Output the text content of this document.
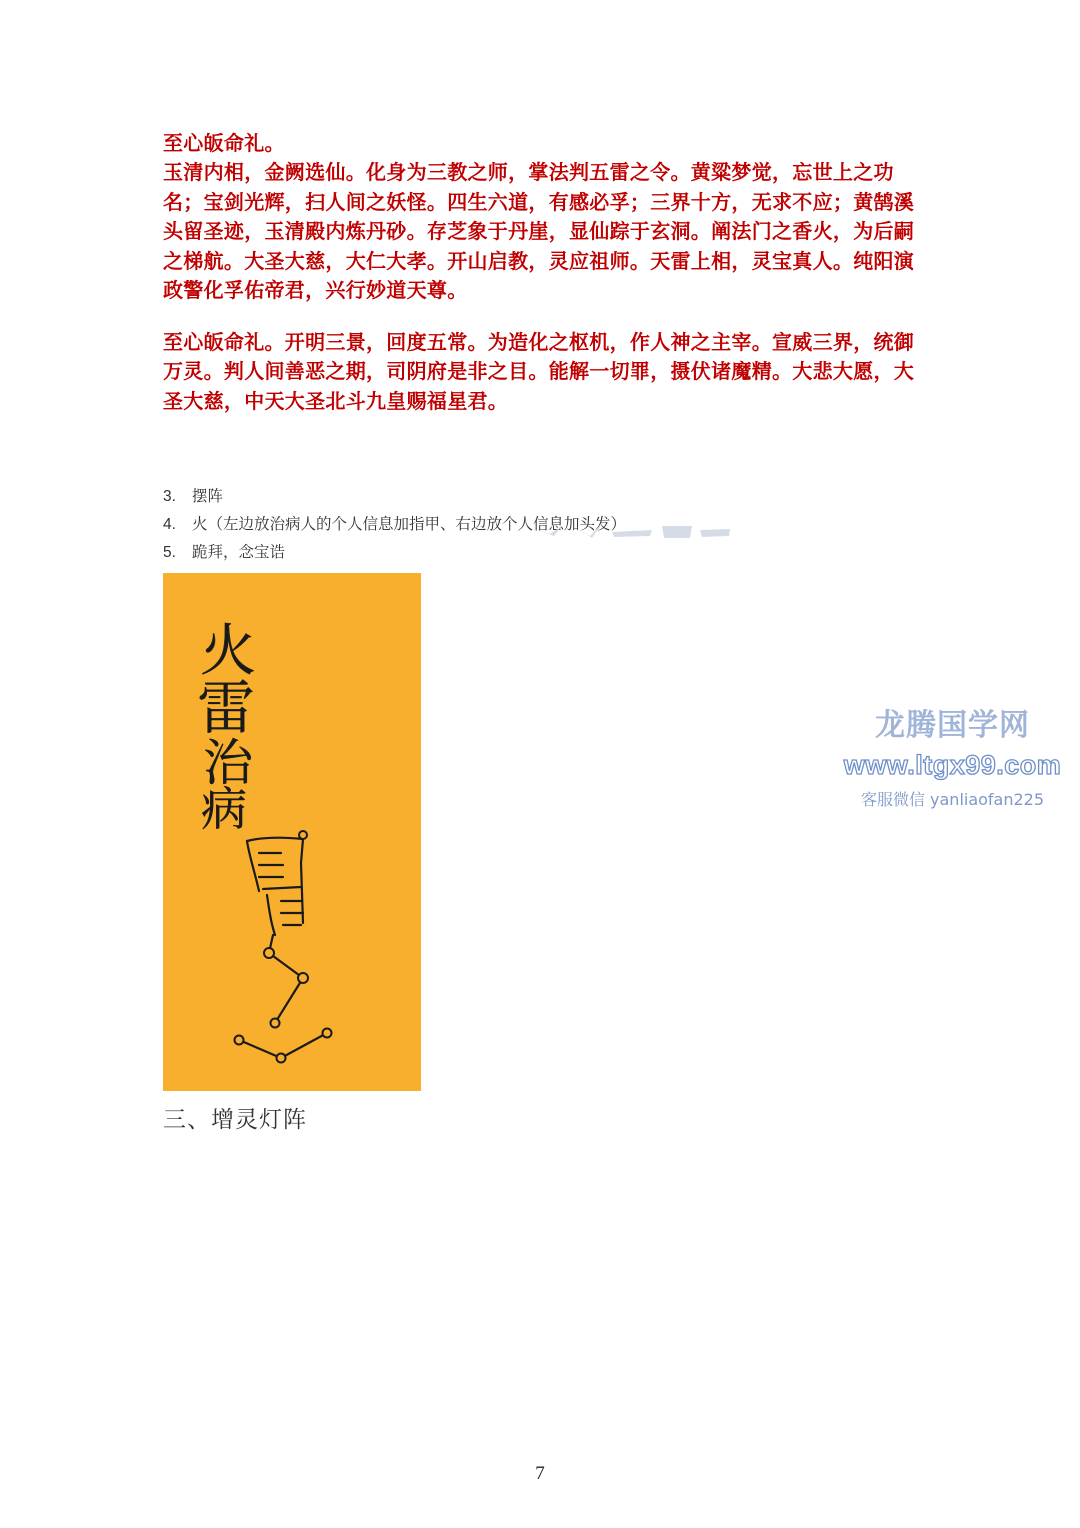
至心皈命礼。

玉清内相，金阙选仙。化身为三教之师，掌法判五雷之令。黄粱梦觉，忘世上之功名；宝剑光辉，扫人间之妖怪。四生六道，有感必孚；三界十方，无求不应；黄鹄溪头留圣迹，玉清殿内炼丹砂。存芝象于丹崖，显仙踪于玄洞。阐法门之香火，为后嗣之梯航。大圣大慈，大仁大孝。开山启教，灵应祖师。天雷上相，灵宝真人。纯阳演政警化孚佑帝君，兴行妙道天尊。

至心皈命礼。开明三景，回度五常。为造化之枢机，作人神之主宰。宣威三界，统御万灵。判人间善恶之期，司阴府是非之目。能解一切罪，摄伏诸魔精。大悲大愿，大圣大慈，中天大圣北斗九皇赐福星君。

3. 摆阵
4. 火（左边放治病人的个人信息加指甲、右边放个人信息加头发）
5. 跪拜，念宝诰
火
雷
治
病
三、增灵灯阵
龙腾国学网
www.ltgx99.com
客服微信 yanliaofan225
7
